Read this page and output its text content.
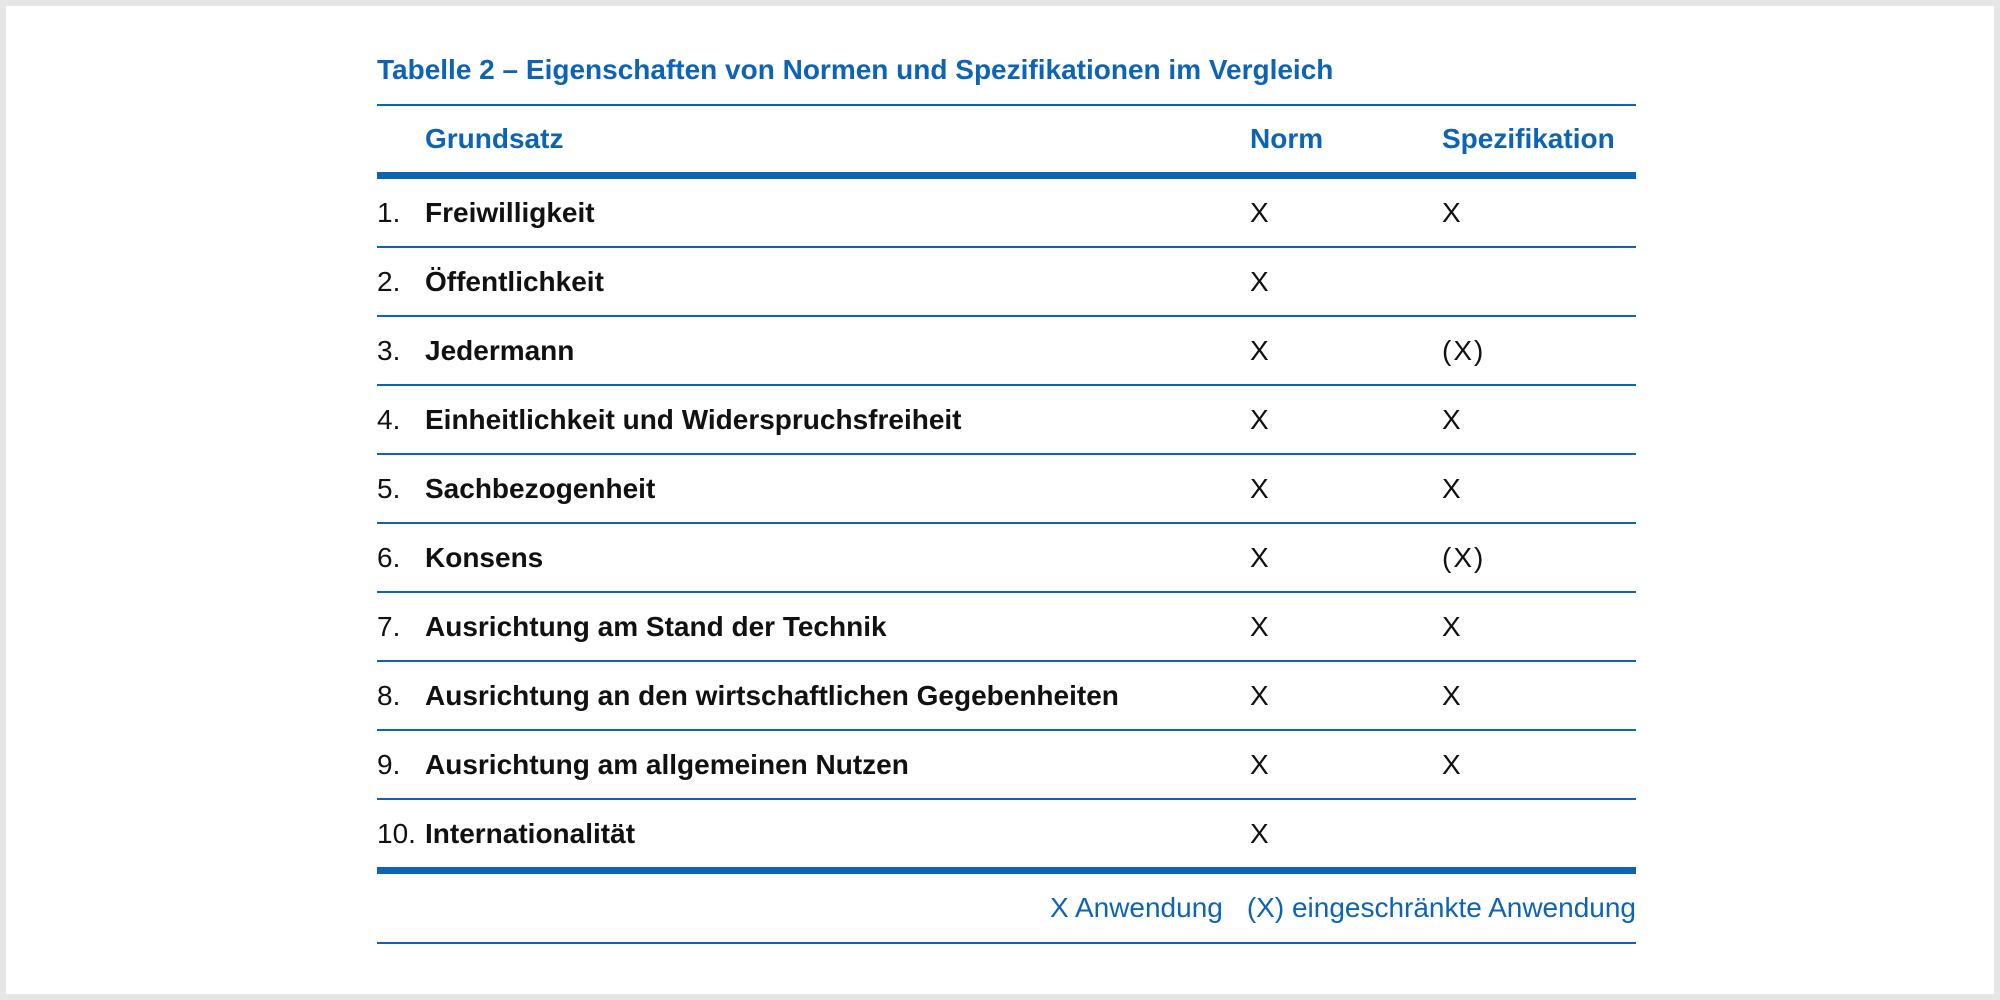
Tabelle 2 – Eigenschaften von Normen und Spezifikationen im Vergleich
Grundsatz	Norm	Spezifikation
1. Freiwilligkeit	X	X
2. Öffentlichkeit	X
3. Jedermann	X	(X)
4. Einheitlichkeit und Widerspruchsfreiheit	X	X
5. Sachbezogenheit	X	X
6. Konsens	X	(X)
7. Ausrichtung am Stand der Technik	X	X
8. Ausrichtung an den wirtschaftlichen Gegebenheiten	X	X
9. Ausrichtung am allgemeinen Nutzen	X	X
10. Internationalität	X
X Anwendung (X) eingeschränkte Anwendung
